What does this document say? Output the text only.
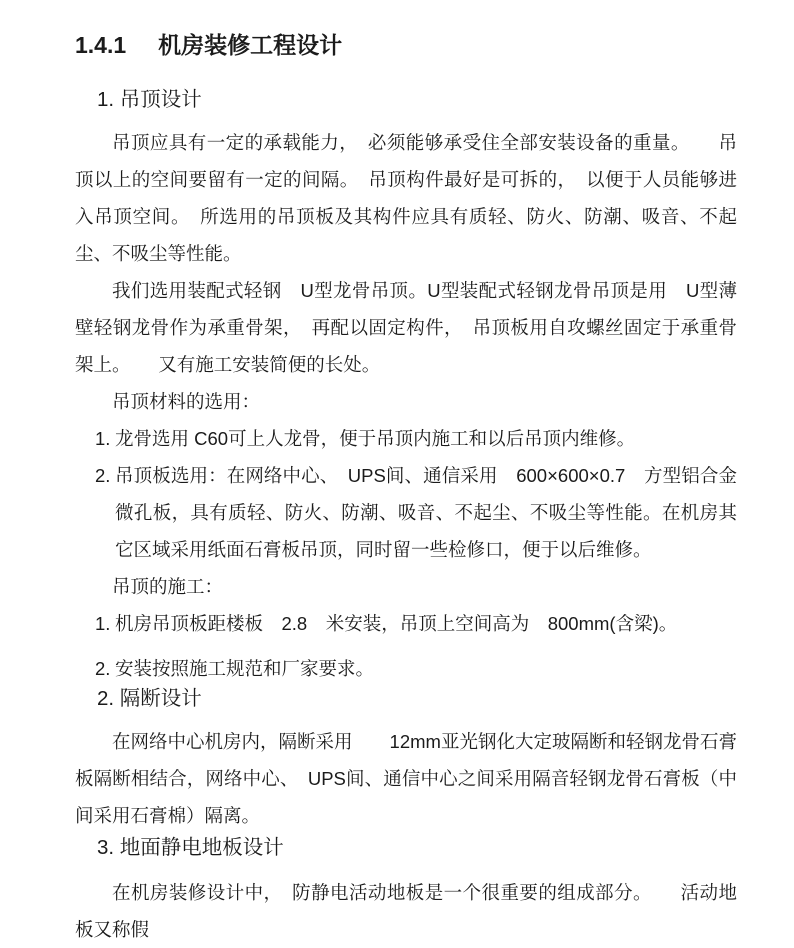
1.4.1 机房装修工程设计
1. 吊顶设计

吊顶应具有一定的承载能力，　必须能够承受住全部安装设备的重量。　　吊顶以上的空间要留有一定的间隔。　吊顶构件最好是可拆的，　以便于人员能够进入吊顶空间。　所选用的吊顶板及其构件应具有质轻、防火、防潮、吸音、不起尘、不吸尘等性能。

我们选用装配式轻钢　U型龙骨吊顶。U型装配式轻钢龙骨吊顶是用　U型薄壁轻钢龙骨作为承重骨架，　再配以固定构件，　吊顶板用自攻螺丝固定于承重骨架上。　　又有施工安装简便的长处。

吊顶材料的选用：

1. 龙骨选用 C60可上人龙骨，便于吊顶内施工和以后吊顶内维修。
2. 吊顶板选用：在网络中心、　UPS间、通信采用　600×600×0.7　方型铝合金微孔板，具有质轻、防火、防潮、吸音、不起尘、不吸尘等性能。在机房其它区域采用纸面石膏板吊顶，同时留一些检修口，便于以后维修。

吊顶的施工：

1. 机房吊顶板距楼板　2.8　米安装，吊顶上空间高为　800mm(含梁)。
2. 安装按照施工规范和厂家要求。
2. 隔断设计

在网络中心机房内，隔断采用　　12mm亚光钢化大定玻隔断和轻钢龙骨石膏板隔断相结合，网络中心、　UPS间、通信中心之间采用隔音轻钢龙骨石膏板（中间采用石膏棉）隔离。

3. 地面静电地板设计

在机房装修设计中，　防静电活动地板是一个很重要的组成部分。　　活动地板又称假
